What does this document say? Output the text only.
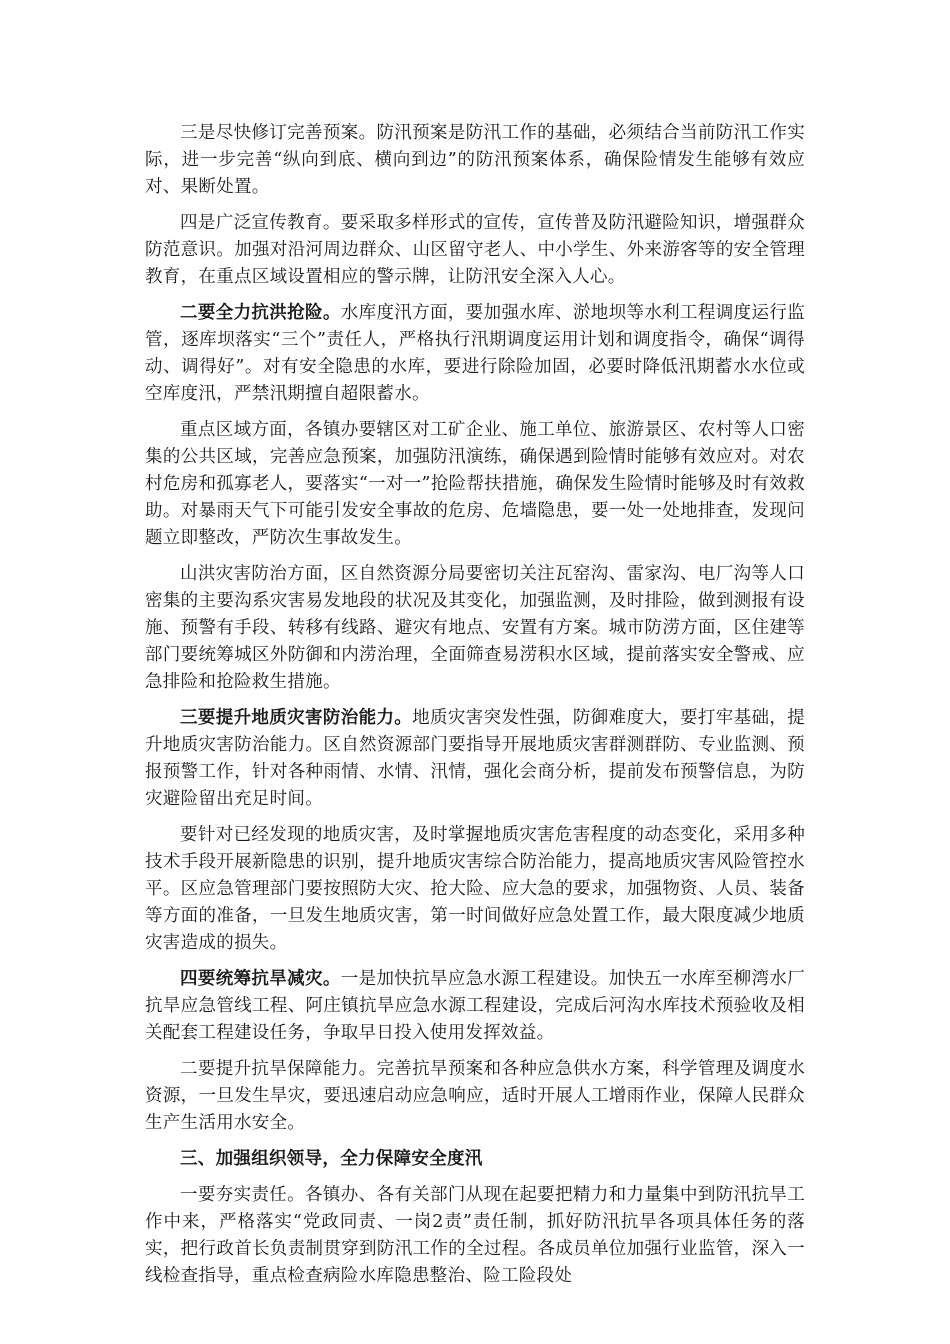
三是尽快修订完善预案。防汛预案是防汛工作的基础，必须结合当前防汛工作实际，进一步完善“纵向到底、横向到边”的防汛预案体系，确保险情发生能够有效应对、果断处置。

四是广泛宣传教育。要采取多样形式的宣传，宣传普及防汛避险知识，增强群众防范意识。加强对沿河周边群众、山区留守老人、中小学生、外来游客等的安全管理教育，在重点区域设置相应的警示牌，让防汛安全深入人心。

二要全力抗洪抢险。水库度汛方面，要加强水库、淤地坝等水利工程调度运行监管，逐库坝落实“三个”责任人，严格执行汛期调度运用计划和调度指令，确保“调得动、调得好”。对有安全隐患的水库，要进行除险加固，必要时降低汛期蓄水水位或空库度汛，严禁汛期擅自超限蓄水。

重点区域方面，各镇办要辖区对工矿企业、施工单位、旅游景区、农村等人口密集的公共区域，完善应急预案，加强防汛演练，确保遇到险情时能够有效应对。对农村危房和孤寡老人，要落实“一对一”抢险帮扶措施，确保发生险情时能够及时有效救助。对暴雨天气下可能引发安全事故的危房、危墙隐患，要一处一处地排查，发现问题立即整改，严防次生事故发生。

山洪灾害防治方面，区自然资源分局要密切关注瓦窑沟、雷家沟、电厂沟等人口密集的主要沟系灾害易发地段的状况及其变化，加强监测，及时排险，做到测报有设施、预警有手段、转移有线路、避灾有地点、安置有方案。城市防涝方面，区住建等部门要统筹城区外防御和内涝治理，全面筛查易涝积水区域，提前落实安全警戒、应急排险和抢险救生措施。

三要提升地质灾害防治能力。地质灾害突发性强，防御难度大，要打牢基础，提升地质灾害防治能力。区自然资源部门要指导开展地质灾害群测群防、专业监测、预报预警工作，针对各种雨情、水情、汛情，强化会商分析，提前发布预警信息，为防灾避险留出充足时间。

要针对已经发现的地质灾害，及时掌握地质灾害危害程度的动态变化，采用多种技术手段开展新隐患的识别，提升地质灾害综合防治能力，提高地质灾害风险管控水平。区应急管理部门要按照防大灾、抢大险、应大急的要求，加强物资、人员、装备等方面的准备，一旦发生地质灾害，第一时间做好应急处置工作，最大限度减少地质灾害造成的损失。

四要统筹抗旱减灾。一是加快抗旱应急水源工程建设。加快五一水库至柳湾水厂抗旱应急管线工程、阿庄镇抗旱应急水源工程建设，完成后河沟水库技术预验收及相关配套工程建设任务，争取早日投入使用发挥效益。

二要提升抗旱保障能力。完善抗旱预案和各种应急供水方案，科学管理及调度水资源，一旦发生旱灾，要迅速启动应急响应，适时开展人工增雨作业，保障人民群众生产生活用水安全。

三、加强组织领导，全力保障安全度汛

一要夯实责任。各镇办、各有关部门从现在起要把精力和力量集中到防汛抗旱工作中来，严格落实“党政同责、一岗2责”责任制，抓好防汛抗旱各项具体任务的落实，把行政首长负责制贯穿到防汛工作的全过程。各成员单位加强行业监管，深入一线检查指导，重点检查病险水库隐患整治、险工险段处
